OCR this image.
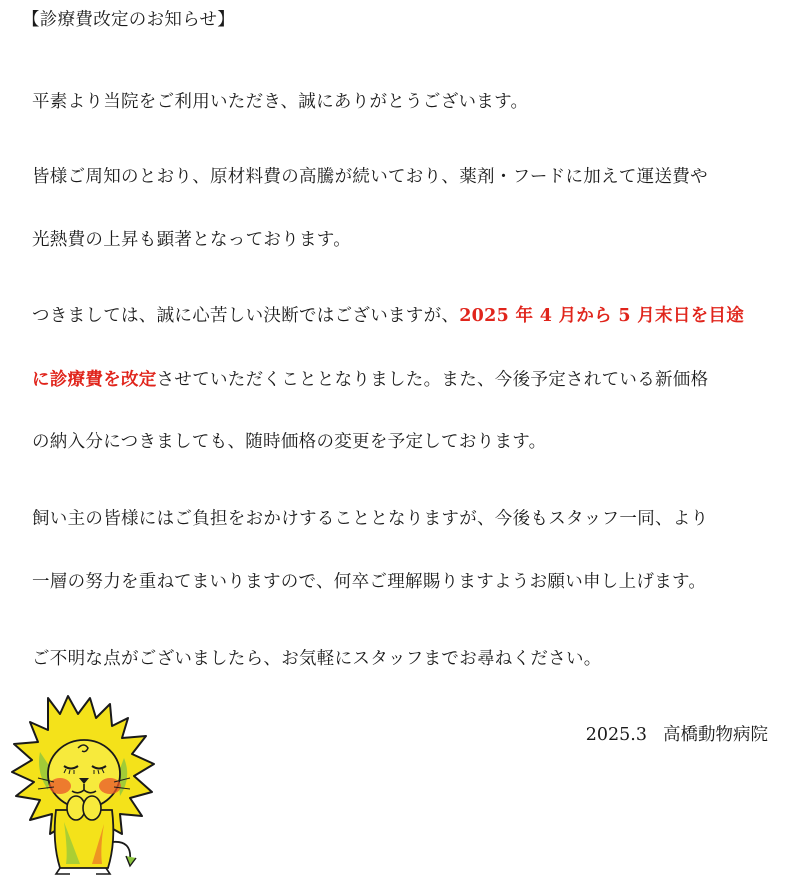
【診療費改定のお知らせ】
平素より当院をご利用いただき、誠にありがとうございます。
皆様ご周知のとおり、原材料費の高騰が続いており、薬剤・フードに加えて運送費や
光熱費の上昇も顕著となっております。
つきましては、誠に心苦しい決断ではございますが、2025 年 4 月から 5 月末日を目途
に診療費を改定させていただくこととなりました。また、今後予定されている新価格
の納入分につきましても、随時価格の変更を予定しております。
飼い主の皆様にはご負担をおかけすることとなりますが、今後もスタッフ一同、より
一層の努力を重ねてまいりますので、何卒ご理解賜りますようお願い申し上げます。
ご不明な点がございましたら、お気軽にスタッフまでお尋ねください。
2025.3 高橋動物病院
